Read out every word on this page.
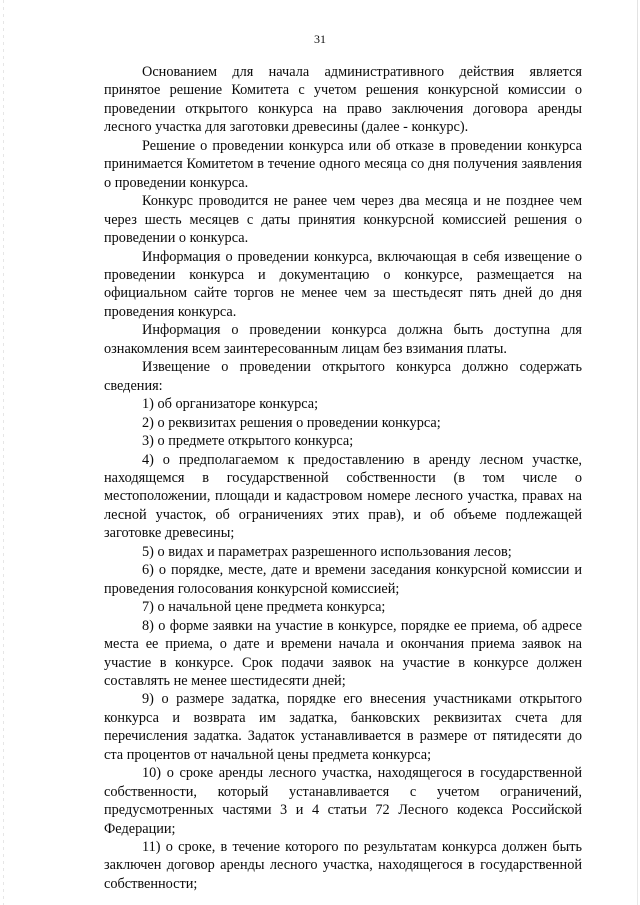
31

Основанием для начала административного действия является принятое решение Комитета с учетом решения конкурсной комиссии о проведении открытого конкурса на право заключения договора аренды лесного участка для заготовки древесины (далее - конкурс).

Решение о проведении конкурса или об отказе в проведении конкурса принимается Комитетом в течение одного месяца со дня получения заявления о проведении конкурса.

Конкурс проводится не ранее чем через два месяца и не позднее чем через шесть месяцев с даты принятия конкурсной комиссией решения о проведении о конкурса.

Информация о проведении конкурса, включающая в себя извещение о проведении конкурса и документацию о конкурсе, размещается на официальном сайте торгов не менее чем за шестьдесят пять дней до дня проведения конкурса.

Информация о проведении конкурса должна быть доступна для ознакомления всем заинтересованным лицам без взимания платы.

Извещение о проведении открытого конкурса должно содержать сведения:

1) об организаторе конкурса;

2) о реквизитах решения о проведении конкурса;

3) о предмете открытого конкурса;

4) о предполагаемом к предоставлению в аренду лесном участке, находящемся в государственной собственности (в том числе о местоположении, площади и кадастровом номере лесного участка, правах на лесной участок, об ограничениях этих прав), и об объеме подлежащей заготовке древесины;

5) о видах и параметрах разрешенного использования лесов;

6) о порядке, месте, дате и времени заседания конкурсной комиссии и проведения голосования конкурсной комиссией;

7) о начальной цене предмета конкурса;

8) о форме заявки на участие в конкурсе, порядке ее приема, об адресе места ее приема, о дате и времени начала и окончания приема заявок на участие в конкурсе. Срок подачи заявок на участие в конкурсе должен составлять не менее шестидесяти дней;

9) о размере задатка, порядке его внесения участниками открытого конкурса и возврата им задатка, банковских реквизитах счета для перечисления задатка. Задаток устанавливается в размере от пятидесяти до ста процентов от начальной цены предмета конкурса;

10) о сроке аренды лесного участка, находящегося в государственной собственности, который устанавливается с учетом ограничений, предусмотренных частями 3 и 4 статьи 72 Лесного кодекса Российской Федерации;

11) о сроке, в течение которого по результатам конкурса должен быть заключен договор аренды лесного участка, находящегося в государственной собственности;
